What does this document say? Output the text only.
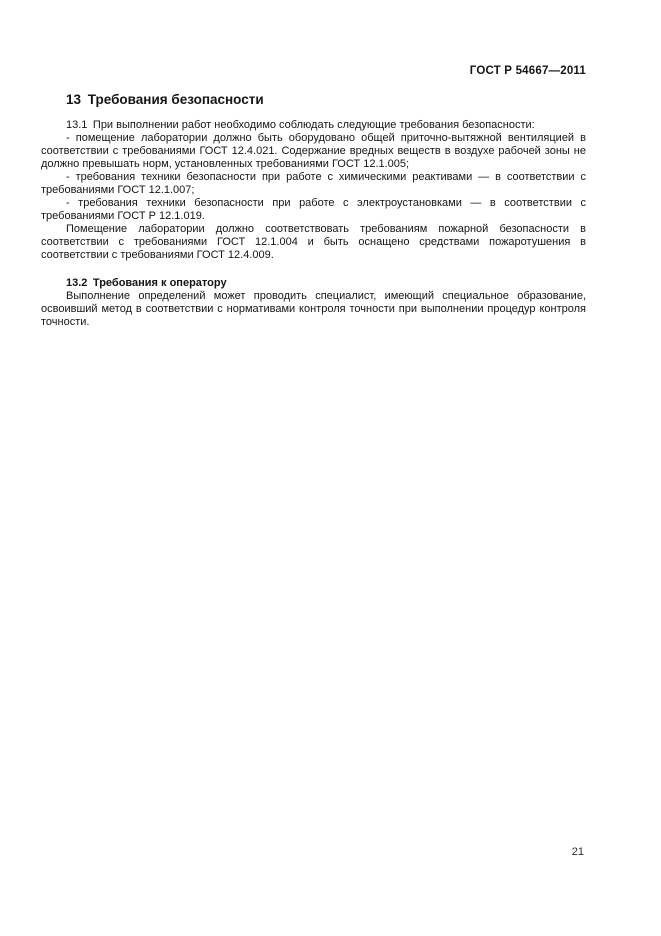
ГОСТ Р 54667—2011
13 Требования безопасности

13.1 При выполнении работ необходимо соблюдать следующие требования безопасности:

- помещение лаборатории должно быть оборудовано общей приточно-вытяжной вентиляцией в соответствии с требованиями ГОСТ 12.4.021. Содержание вредных веществ в воздухе рабочей зоны не должно превышать норм, установленных требованиями ГОСТ 12.1.005;

- требования техники безопасности при работе с химическими реактивами — в соответствии с требованиями ГОСТ 12.1.007;

- требования техники безопасности при работе с электроустановками — в соответствии с требованиями ГОСТ Р 12.1.019.

Помещение лаборатории должно соответствовать требованиям пожарной безопасности в соответствии с требованиями ГОСТ 12.1.004 и быть оснащено средствами пожаротушения в соответствии с требованиями ГОСТ 12.4.009.

13.2 Требования к оператору

Выполнение определений может проводить специалист, имеющий специальное образование, освоивший метод в соответствии с нормативами контроля точности при выполнении процедур контроля точности.

21
